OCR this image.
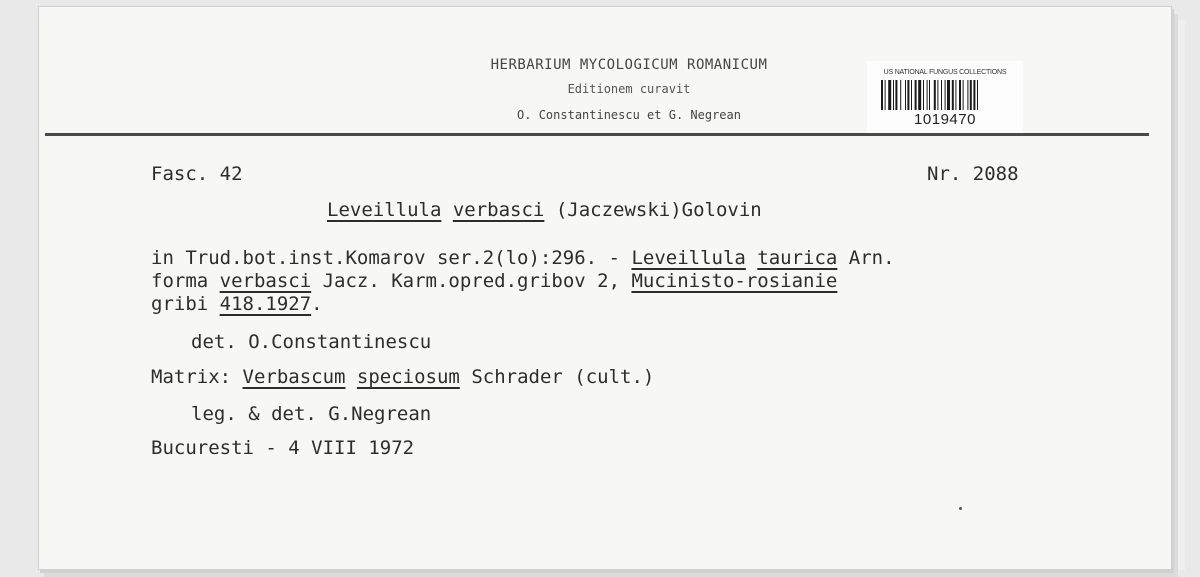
HERBARIUM MYCOLOGICUM ROMANICUM
Editionem curavit
O. Constantinescu et G. Negrean
US NATIONAL FUNGUS COLLECTIONS
1019470
Fasc. 42	Nr. 2088
Leveillula verbasci (Jaczewski)Golovin
in Trud.bot.inst.Komarov ser.2(lo):296. - Leveillula taurica Arn.
forma verbasci Jacz. Karm.opred.gribov 2, Mucinisto-rosianie
gribi 418.1927.
det. O.Constantinescu
Matrix: Verbascum speciosum Schrader (cult.)
leg. & det. G.Negrean
Bucuresti - 4 VIII 1972
